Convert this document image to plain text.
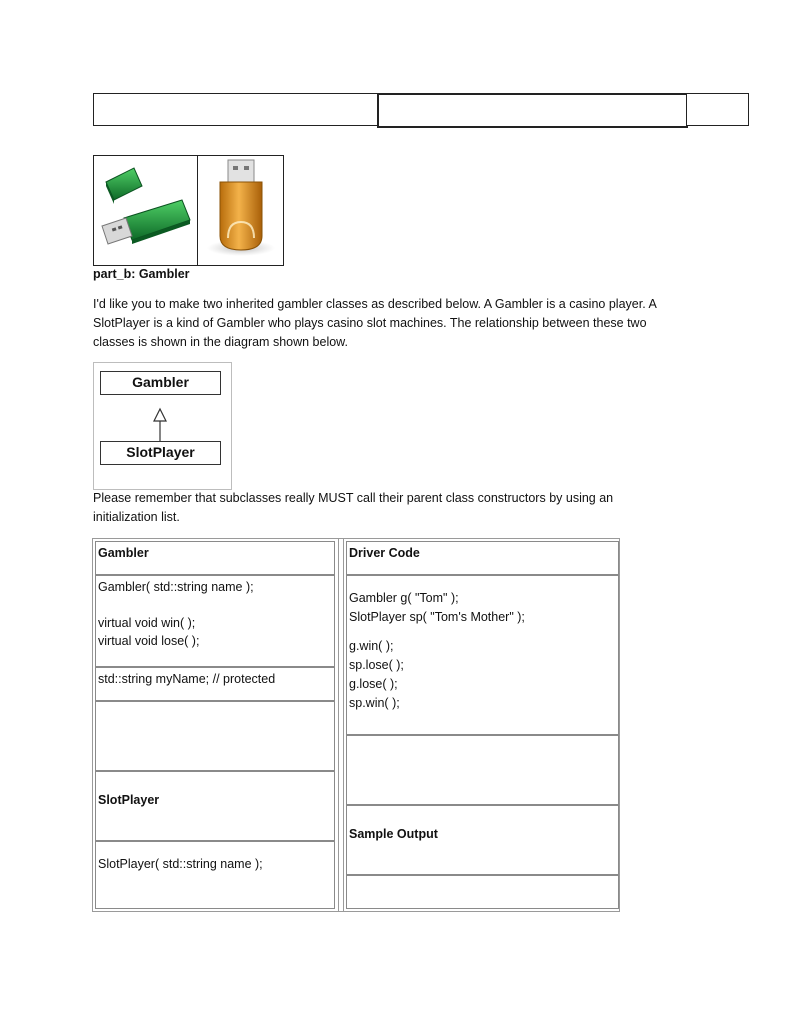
part_b: Gambler
I'd like you to make two inherited gambler classes as described below. A Gambler is a casino player. A
SlotPlayer is a kind of Gambler who plays casino slot machines. The relationship between these two
classes is shown in the diagram shown below.
Gambler
SlotPlayer
Please remember that subclasses really MUST call their parent class constructors by using an
initialization list.
Gambler
Gambler( std::string name );
virtual void win( );
virtual void lose( );
std::string myName; // protected
SlotPlayer
SlotPlayer( std::string name );
Driver Code
Gambler g( "Tom" );
SlotPlayer sp( "Tom's Mother" );
g.win( );
sp.lose( );
g.lose( );
sp.win( );
Sample Output
